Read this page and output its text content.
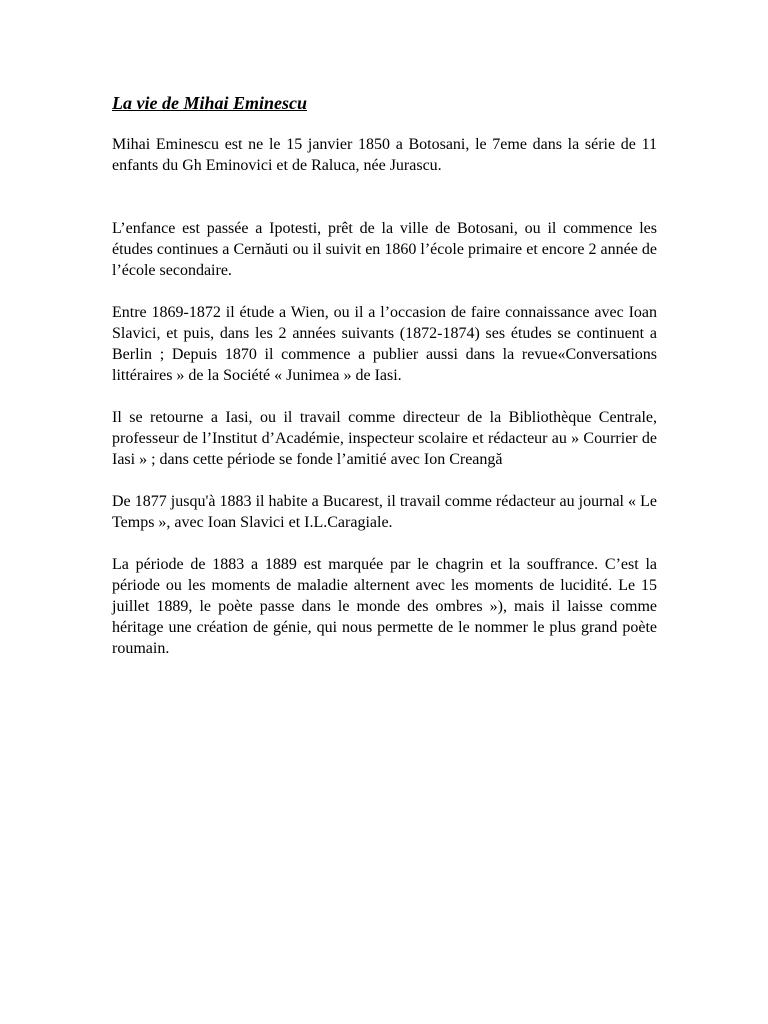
La vie de Mihai Eminescu

Mihai Eminescu est ne le 15 janvier 1850 a Botosani, le 7eme dans la série de 11 enfants du Gh Eminovici et de Raluca, née Jurascu.

L’enfance est passée a Ipotesti, prêt de la ville de Botosani, ou il commence les études continues a Cernăuti ou il suivit en 1860 l’école primaire et encore 2 année de l’école secondaire.

Entre 1869-1872 il étude a Wien, ou il a l’occasion de faire connaissance avec Ioan Slavici, et puis, dans les 2 années suivants (1872-1874) ses études se continuent a Berlin ; Depuis 1870 il commence a publier aussi dans la revue«Conversations littéraires » de la Société « Junimea » de Iasi.

Il se retourne a Iasi, ou il travail comme directeur de la Bibliothèque Centrale, professeur de l’Institut d’Académie, inspecteur scolaire et rédacteur au » Courrier de Iasi » ; dans cette période se fonde l’amitié avec Ion Creangă

De 1877 jusqu'à 1883 il habite a Bucarest, il travail comme rédacteur au journal « Le Temps », avec Ioan Slavici et I.L.Caragiale.

La période de 1883 a 1889 est marquée par le chagrin et la souffrance. C’est la période ou les moments de maladie alternent avec les moments de lucidité. Le 15 juillet 1889, le poète passe dans le monde des ombres »), mais il laisse comme héritage une création de génie, qui nous permette de le nommer le plus grand poète roumain.
